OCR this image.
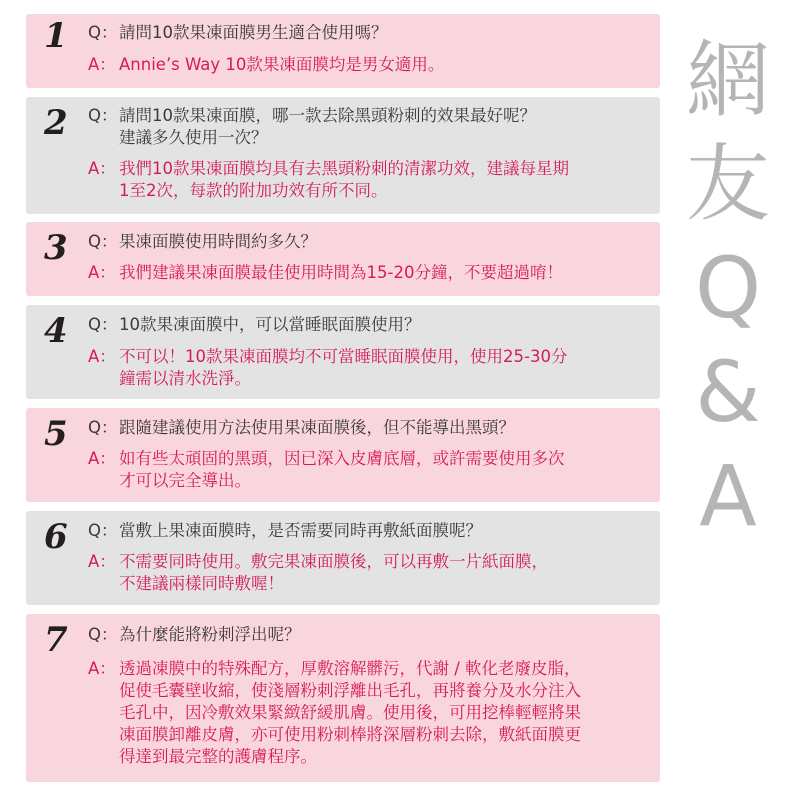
1 Q： 請問10款果凍面膜男生適合使用嗎？
A： Annie’s Way 10款果凍面膜均是男女適用。
2 Q： 請問10款果凍面膜，哪一款去除黑頭粉刺的效果最好呢？
建議多久使用一次？
A： 我們10款果凍面膜均具有去黑頭粉刺的清潔功效，建議每星期
1至2次，每款的附加功效有所不同。
3 Q： 果凍面膜使用時間約多久？
A： 我們建議果凍面膜最佳使用時間為15-20分鐘，不要超過唷！
4 Q： 10款果凍面膜中，可以當睡眠面膜使用？
A： 不可以！10款果凍面膜均不可當睡眠面膜使用，使用25-30分
鐘需以清水洗淨。
5 Q： 跟隨建議使用方法使用果凍面膜後，但不能導出黑頭？
A： 如有些太頑固的黑頭，因已深入皮膚底層，或許需要使用多次
才可以完全導出。
6 Q： 當敷上果凍面膜時，是否需要同時再敷紙面膜呢？
A： 不需要同時使用。敷完果凍面膜後，可以再敷一片紙面膜，
不建議兩樣同時敷喔！
7 Q： 為什麼能將粉刺浮出呢？
A： 透過凍膜中的特殊配方，厚敷溶解髒污，代謝 / 軟化老廢皮脂，
促使毛囊壁收縮，使淺層粉刺浮離出毛孔，再將養分及水分注入
毛孔中，因冷敷效果緊緻舒緩肌膚。使用後，可用挖棒輕輕將果
凍面膜卸離皮膚，亦可使用粉刺棒將深層粉刺去除，敷紙面膜更
得達到最完整的護膚程序。
網
友
Q
&
A
